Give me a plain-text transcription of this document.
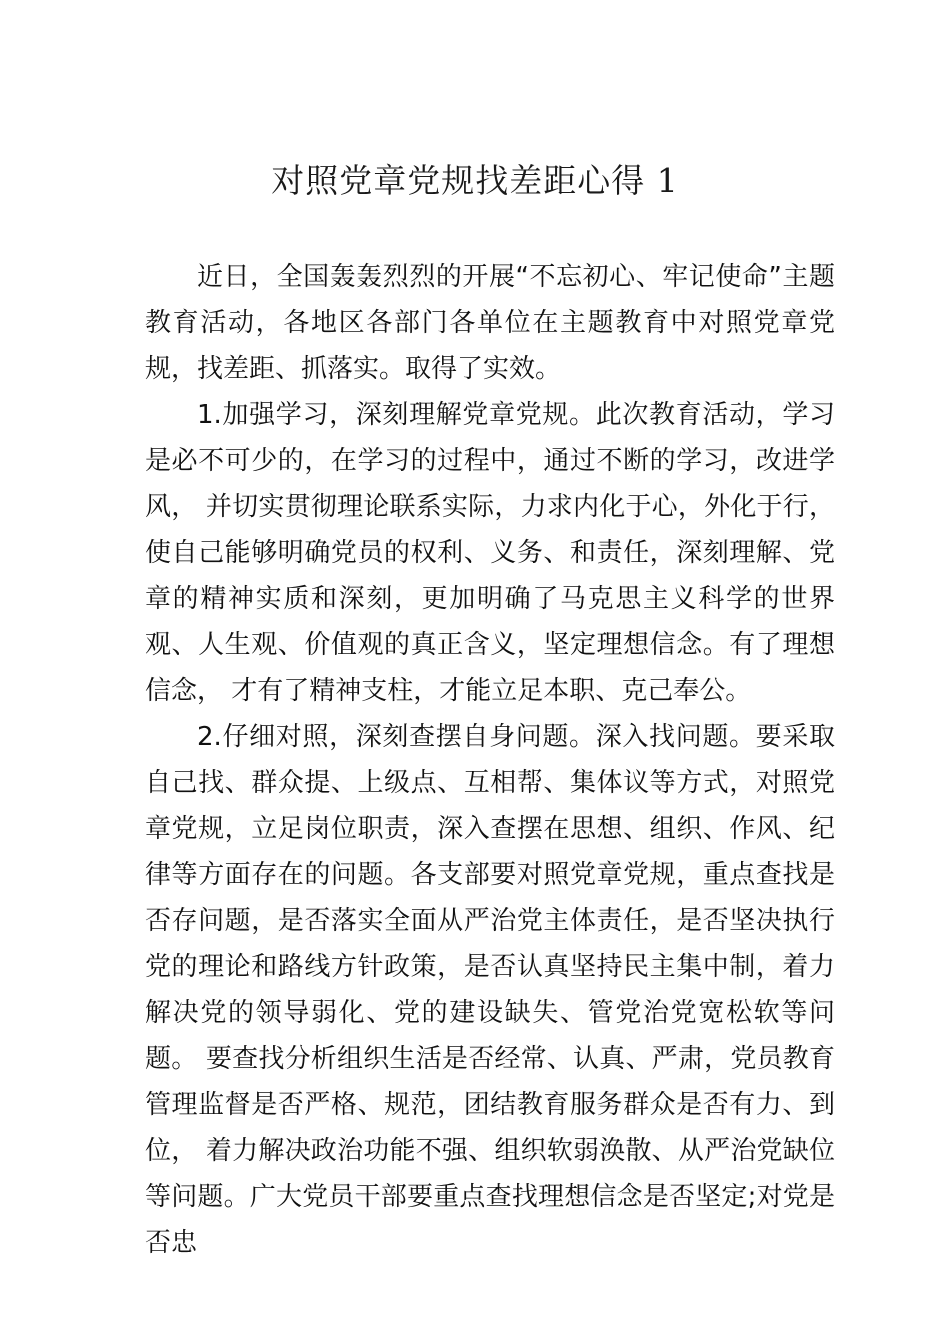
对照党章党规找差距心得 1

近日，全国轰轰烈烈的开展“不忘初心、牢记使命”主题教育活动，各地区各部门各单位在主题教育中对照党章党规，找差距、抓落实。取得了实效。

1.加强学习，深刻理解党章党规。此次教育活动，学习是必不可少的，在学习的过程中，通过不断的学习，改进学风， 并切实贯彻理论联系实际，力求内化于心，外化于行，使自己能够明确党员的权利、义务、和责任，深刻理解、党章的精神实质和深刻，更加明确了马克思主义科学的世界观、人生观、价值观的真正含义，坚定理想信念。有了理想信念， 才有了精神支柱，才能立足本职、克己奉公。

2.仔细对照，深刻查摆自身问题。深入找问题。要采取自己找、群众提、上级点、互相帮、集体议等方式，对照党章党规，立足岗位职责，深入查摆在思想、组织、作风、纪律等方面存在的问题。各支部要对照党章党规，重点查找是否存问题，是否落实全面从严治党主体责任，是否坚决执行党的理论和路线方针政策，是否认真坚持民主集中制，着力解决党的领导弱化、党的建设缺失、管党治党宽松软等问题。 要查找分析组织生活是否经常、认真、严肃，党员教育管理监督是否严格、规范，团结教育服务群众是否有力、到位， 着力解决政治功能不强、组织软弱涣散、从严治党缺位等问题。广大党员干部要重点查找理想信念是否坚定;对党是否忠
